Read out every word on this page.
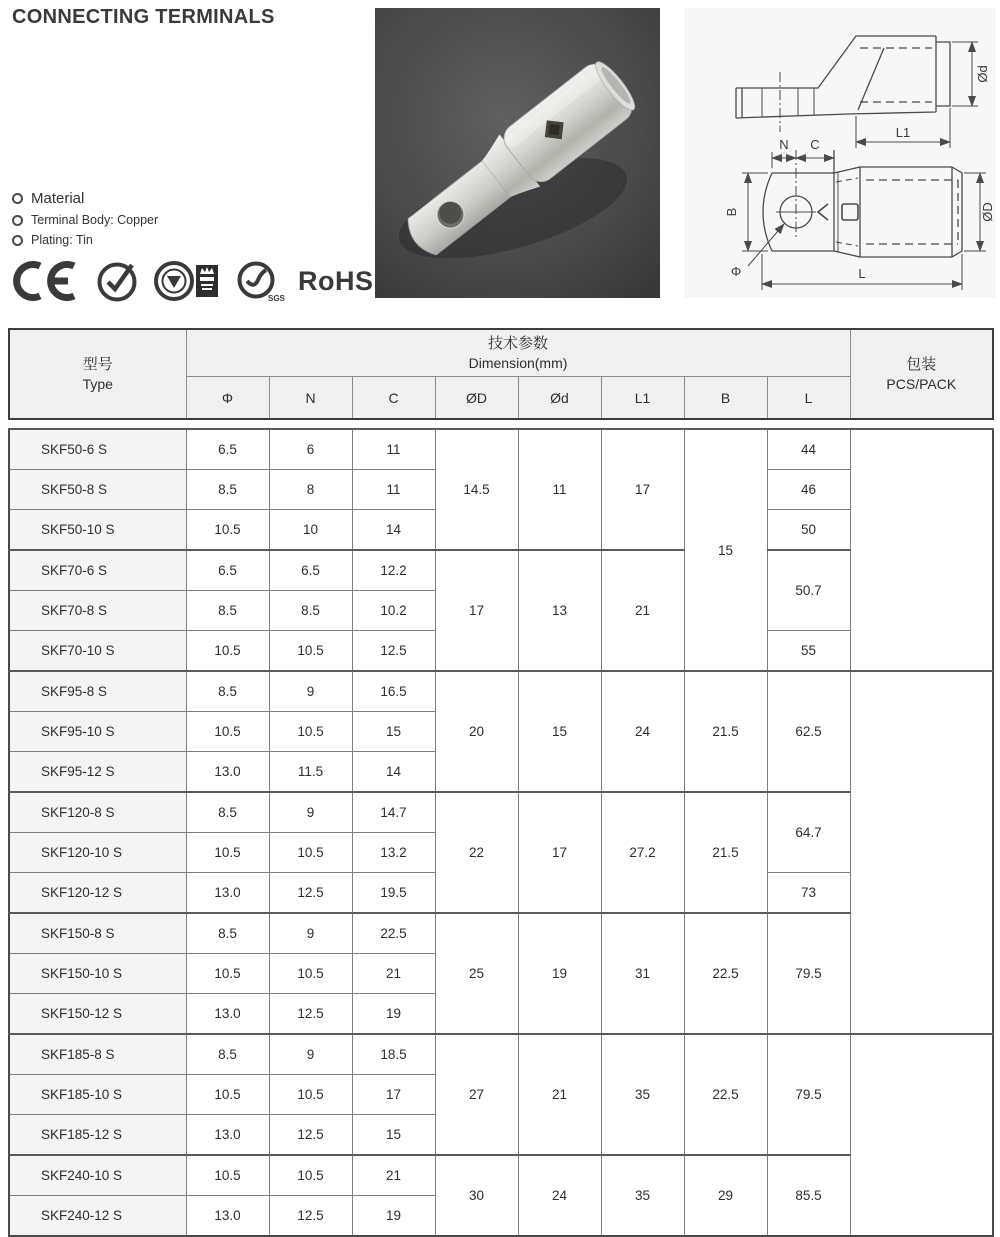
CONNECTING TERMINALS
Material
Terminal Body: Copper
Plating: Tin
SGS
RoHS
Ød
L1
N C
B	ØD
Φ	L
型号
Type

技术参数
Dimension(mm)	包装
PCS/PACK

	Φ	N	C	ØD	Ød	L1	B	L	
SKF50-6 S	6.5	6	11	14.5	11	17	15	44	
SKF50-8 S	8.5	8	11					46	
SKF50-10 S	10.5	10	14					50	
SKF70-6 S	6.5	6.5	12.2	17	13	21		50.7	
SKF70-8 S	8.5	8.5	10.2						
SKF70-10 S	10.5	10.5	12.5					55	
SKF95-8 S	8.5	9	16.5	20	15	24	21.5	62.5	
SKF95-10 S	10.5	10.5	15						
SKF95-12 S	13.0	11.5	14						
SKF120-8 S	8.5	9	14.7	22	17	27.2	21.5	64.7	
SKF120-10 S	10.5	10.5	13.2						
SKF120-12 S	13.0	12.5	19.5					73	
SKF150-8 S	8.5	9	22.5	25	19	31	22.5	79.5	
SKF150-10 S	10.5	10.5	21						
SKF150-12 S	13.0	12.5	19						
SKF185-8 S	8.5	9	18.5	27	21	35	22.5	79.5	
SKF185-10 S	10.5	10.5	17						
SKF185-12 S	13.0	12.5	15						
SKF240-10 S	10.5	10.5	21	30	24	35	29	85.5	
SKF240-12 S	13.0	12.5	19						
